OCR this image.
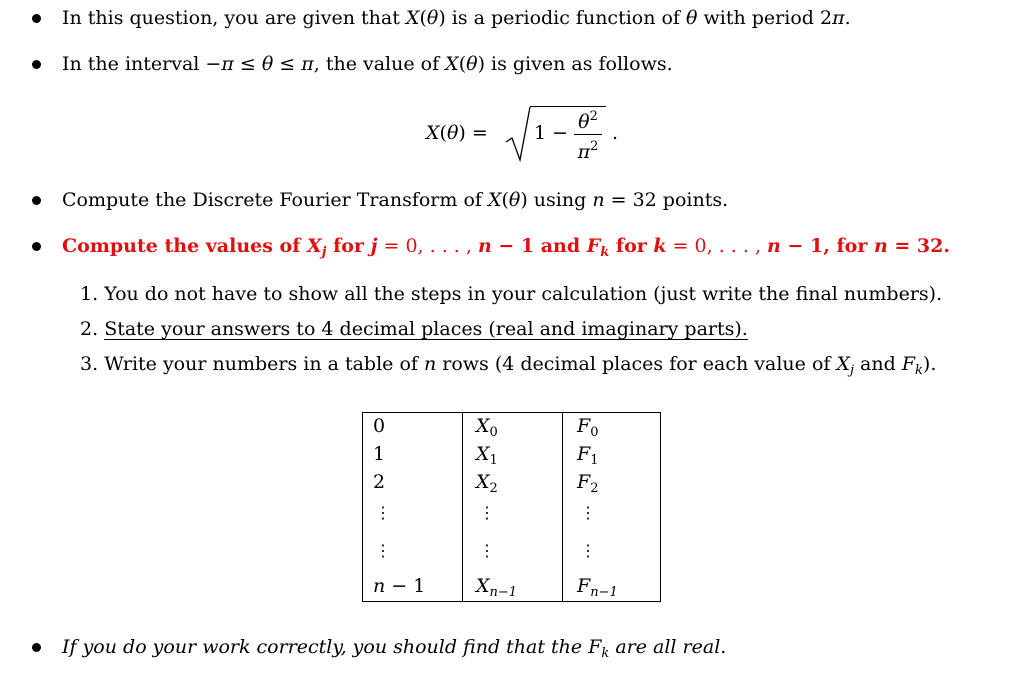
In this question, you are given that X(θ) is a periodic function of θ with period 2π.
In the interval −π ≤ θ ≤ π, the value of X(θ) is given as follows.
$X(\theta) = 1 - \theta^2$
$\pi^2$
.
Compute the Discrete Fourier Transform of X(θ) using n = 32 points.
Compute the values of $X_j$ for j = 0, . . . , n − 1 and $F_k$ for k = 0, . . . , n − 1, for n = 32.
1. You do not have to show all the steps in your calculation (just write the final numbers).
2. State your answers to 4 decimal places (real and imaginary parts).
3. Write your numbers in a table of n rows (4 decimal places for each value of $X_j$ and $F_k$).
0
1
2
⋮
⋮
n − 1
$X_0$
$X_1$
$X_2$
⋮
⋮
$X_{n-1}$
$F_0$
$F_1$
$F_2$
⋮
⋮
$F_{n-1}$
If you do your work correctly, you should find that the $F_k$ are all real.
